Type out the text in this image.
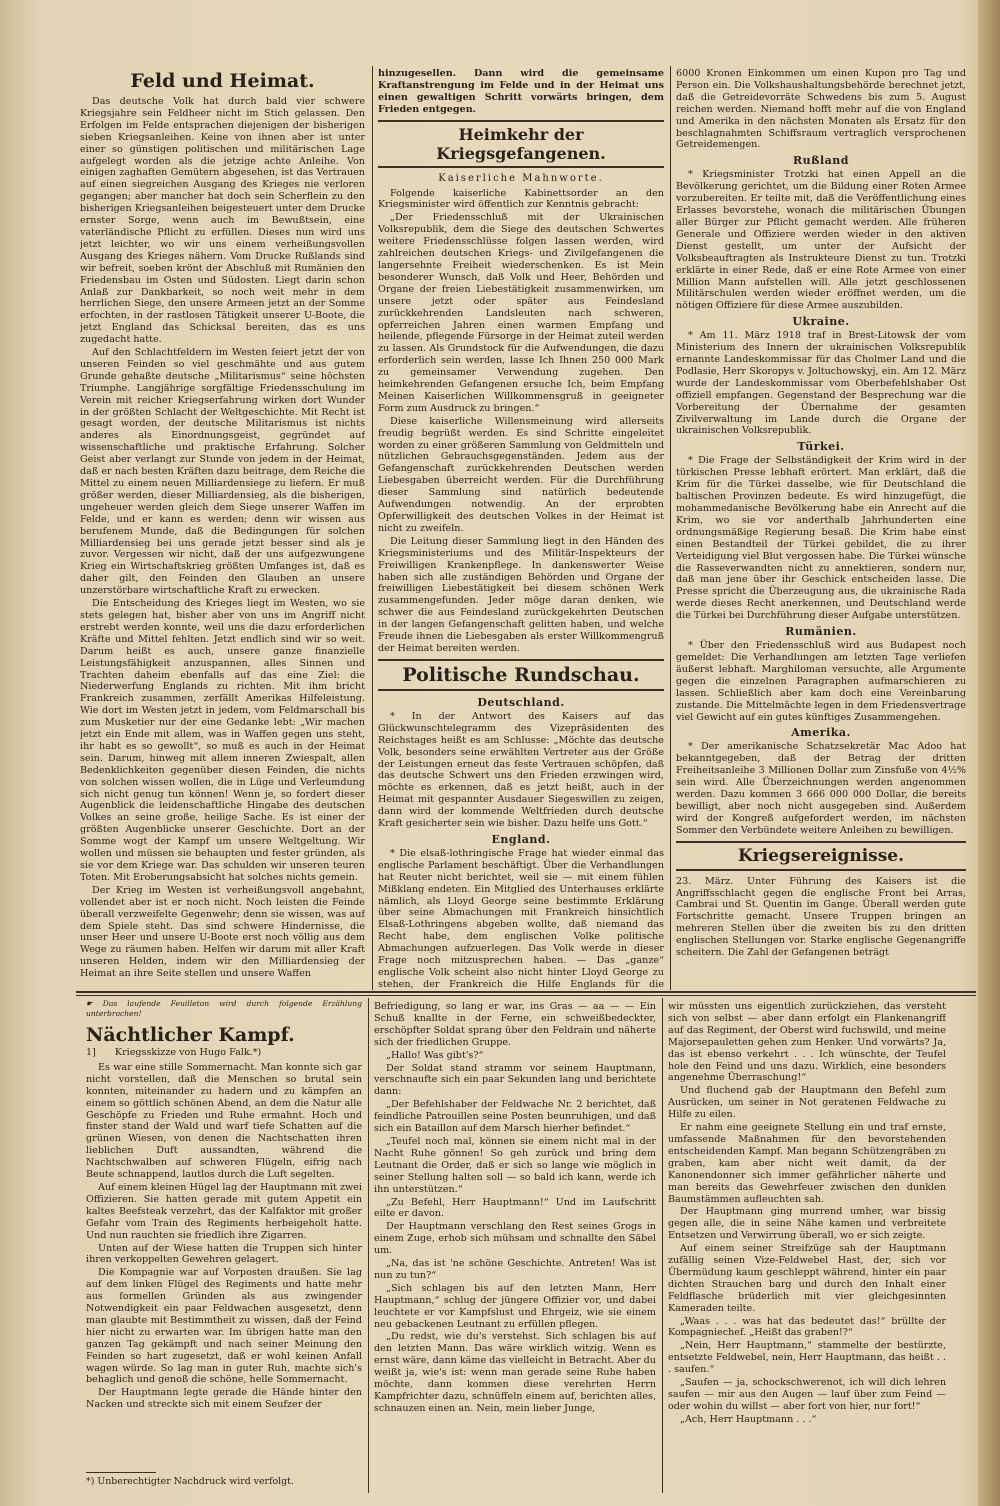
Feld und Heimat.

Das deutsche Volk hat durch bald vier schwere Kriegsjahre sein Feldheer nicht im Stich gelassen. Den Erfolgen im Felde entsprachen diejenigen der bisherigen sieben Kriegsanleihen. Keine von ihnen aber ist unter einer so günstigen politischen und militärischen Lage aufgelegt worden als die jetzige achte Anleihe. Von einigen zaghaften Gemütern abgesehen, ist das Vertrauen auf einen siegreichen Ausgang des Krieges nie verloren gegangen; aber mancher hat doch sein Scherflein zu den bisherigen Kriegsanleihen beigesteuert unter dem Drucke ernster Sorge, wenn auch im Bewußtsein, eine vaterländische Pflicht zu erfüllen. Dieses nun wird uns jetzt leichter, wo wir uns einem verheißungsvollen Ausgang des Krieges nähern. Vom Drucke Rußlands sind wir befreit, soeben krönt der Abschluß mit Rumänien den Friedensbau im Osten und Südosten. Liegt darin schon Anlaß zur Dankbarkeit, so noch weit mehr in dem herrlichen Siege, den unsere Armeen jetzt an der Somme erfochten, in der rastlosen Tätigkeit unserer U-Boote, die jetzt England das Schicksal bereiten, das es uns zugedacht hatte.

Auf den Schlachtfeldern im Westen feiert jetzt der von unseren Feinden so viel geschmähte und aus gutem Grunde gehaßte deutsche „Militarismus“ seine höchsten Triumphe. Langjährige sorgfältige Friedensschulung im Verein mit reicher Kriegserfahrung wirken dort Wunder in der größten Schlacht der Weltgeschichte. Mit Recht ist gesagt worden, der deutsche Militarismus ist nichts anderes als Einordnungsgeist, gegründet auf wissenschaftliche und praktische Erfahrung. Solcher Geist aber verlangt zur Stunde von jedem in der Heimat, daß er nach besten Kräften dazu beitrage, dem Reiche die Mittel zu einem neuen Milliardensiege zu liefern. Er muß größer werden, dieser Milliardensieg, als die bisherigen, ungeheuer werden gleich dem Siege unserer Waffen im Felde, und er kann es werden; denn wir wissen aus berufenem Munde, daß die Bedingungen für solchen Milliardensieg bei uns gerade jetzt besser sind als je zuvor. Vergessen wir nicht, daß der uns aufgezwungene Krieg ein Wirtschaftskrieg größten Umfanges ist, daß es daher gilt, den Feinden den Glauben an unsere unzerstörbare wirtschaftliche Kraft zu erwecken.

Die Entscheidung des Krieges liegt im Westen, wo sie stets gelegen hat, bisher aber von uns im Angriff nicht erstrebt werden konnte, weil uns die dazu erforderlichen Kräfte und Mittel fehlten. Jetzt endlich sind wir so weit. Darum heißt es auch, unsere ganze finanzielle Leistungsfähigkeit anzuspannen, alles Sinnen und Trachten daheim ebenfalls auf das eine Ziel: die Niederwerfung Englands zu richten. Mit ihm bricht Frankreich zusammen, zerfällt Amerikas Hilfeleistung. Wie dort im Westen jetzt in jedem, vom Feldmarschall bis zum Musketier nur der eine Gedanke lebt: „Wir machen jetzt ein Ende mit allem, was in Waffen gegen uns steht, ihr habt es so gewollt“, so muß es auch in der Heimat sein. Darum, hinweg mit allem inneren Zwiespalt, allen Bedenklichkeiten gegenüber diesen Feinden, die nichts von solchen wissen wollen, die in Lüge und Verleumdung sich nicht genug tun können! Wenn je, so fordert dieser Augenblick die leidenschaftliche Hingabe des deutschen Volkes an seine große, heilige Sache. Es ist einer der größten Augenblicke unserer Geschichte. Dort an der Somme wogt der Kampf um unsere Weltgeltung. Wir wollen und müssen sie behaupten und fester gründen, als sie vor dem Kriege war. Das schulden wir unseren teuren Toten. Mit Eroberungsabsicht hat solches nichts gemein.

Der Krieg im Westen ist verheißungsvoll angebahnt, vollendet aber ist er noch nicht. Noch leisten die Feinde überall verzweifelte Gegenwehr; denn sie wissen, was auf dem Spiele steht. Das sind schwere Hindernisse, die unser Heer und unsere U-Boote erst noch völlig aus dem Wege zu räumen haben. Helfen wir darum mit aller Kraft unseren Helden, indem wir den Milliardensieg der Heimat an ihre Seite stellen und unsere Waffen

hinzugesellen. Dann wird die gemeinsame Kraftanstrengung im Felde und in der Heimat uns einen gewaltigen Schritt vorwärts bringen, dem Frieden entgegen.

Heimkehr der Kriegsgefangenen.
Kaiserliche Mahnworte.

Folgende kaiserliche Kabinettsorder an den Kriegsminister wird öffentlich zur Kenntnis gebracht:

„Der Friedensschluß mit der Ukrainischen Volksrepublik, dem die Siege des deutschen Schwertes weitere Friedensschlüsse folgen lassen werden, wird zahlreichen deutschen Kriegs- und Zivilgefangenen die langersehnte Freiheit wiederschenken. Es ist Mein besonderer Wunsch, daß Volk und Heer, Behörden und Organe der freien Liebestätigkeit zusammenwirken, um unsere jetzt oder später aus Feindesland zurückkehrenden Landsleuten nach schweren, opferreichen Jahren einen warmen Empfang und heilende, pflegende Fürsorge in der Heimat zuteil werden zu lassen. Als Grundstock für die Aufwendungen, die dazu erforderlich sein werden, lasse Ich Ihnen 250 000 Mark zu gemeinsamer Verwendung zugehen. Den heimkehrenden Gefangenen ersuche Ich, beim Empfang Meinen Kaiserlichen Willkommensgruß in geeigneter Form zum Ausdruck zu bringen.“

Diese kaiserliche Willensmeinung wird allerseits freudig begrüßt werden. Es sind Schritte eingeleitet worden zu einer größeren Sammlung von Geldmitteln und nützlichen Gebrauchsgegenständen. Jedem aus der Gefangenschaft zurückkehrenden Deutschen werden Liebesgaben überreicht werden. Für die Durchführung dieser Sammlung sind natürlich bedeutende Aufwendungen notwendig. An der erprobten Opferwilligkeit des deutschen Volkes in der Heimat ist nicht zu zweifeln.

Die Leitung dieser Sammlung liegt in den Händen des Kriegsministeriums und des Militär-Inspekteurs der Freiwilligen Krankenpflege. In dankenswerter Weise haben sich alle zuständigen Behörden und Organe der freiwilligen Liebestätigkeit bei diesem schönen Werk zusammengefunden. Jeder möge daran denken, wie schwer die aus Feindesland zurückgekehrten Deutschen in der langen Gefangenschaft gelitten haben, und welche Freude ihnen die Liebesgaben als erster Willkommengruß der Heimat bereiten werden.

Politische Rundschau.
Deutschland.

* In der Antwort des Kaisers auf das Glückwunschtelegramm des Vizepräsidenten des Reichstages heißt es am Schlusse: „Möchte das deutsche Volk, besonders seine erwählten Vertreter aus der Größe der Leistungen erneut das feste Vertrauen schöpfen, daß das deutsche Schwert uns den Frieden erzwingen wird, möchte es erkennen, daß es jetzt heißt, auch in der Heimat mit gespannter Ausdauer Siegeswillen zu zeigen, dann wird der kommende Weltfrieden durch deutsche Kraft gesicherter sein wie bisher. Dazu helfe uns Gott.“

England.

* Die elsaß-lothringische Frage hat wieder einmal das englische Parlament beschäftigt. Über die Verhandlungen hat Reuter nicht berichtet, weil sie — mit einem fühlen Mißklang endeten. Ein Mitglied des Unterhauses erklärte nämlich, als Lloyd George seine bestimmte Erklärung über seine Abmachungen mit Frankreich hinsichtlich Elsaß-Lothringens abgeben wollte, daß niemand das Recht habe, dem englischen Volke politische Abmachungen aufzuerlegen. Das Volk werde in dieser Frage noch mitzusprechen haben. — Das „ganze“ englische Volk scheint also nicht hinter Lloyd George zu stehen, der Frankreich die Hilfe Englands für die

6000 Kronen Einkommen um einen Kupon pro Tag und Person ein. Die Volkshaushaltungsbehörde berechnet jetzt, daß die Getreidevorräte Schwedens bis zum 5. August reichen werden. Niemand hofft mehr auf die von England und Amerika in den nächsten Monaten als Ersatz für den beschlagnahmten Schiffsraum vertraglich versprochenen Getreidemengen.

Rußland

* Kriegsminister Trotzki hat einen Appell an die Bevölkerung gerichtet, um die Bildung einer Roten Armee vorzubereiten. Er teilte mit, daß die Veröffentlichung eines Erlasses bevorstehe, wonach die militärischen Übungen aller Bürger zur Pflicht gemacht werden. Alle früheren Generale und Offiziere werden wieder in den aktiven Dienst gestellt, um unter der Aufsicht der Volksbeauftragten als Instrukteure Dienst zu tun. Trotzki erklärte in einer Rede, daß er eine Rote Armee von einer Million Mann aufstellen will. Alle jetzt geschlossenen Militärschulen werden wieder eröffnet werden, um die nötigen Offiziere für diese Armee auszubilden.

Ukraine.

* Am 11. März 1918 traf in Brest-Litowsk der vom Ministerium des Innern der ukrainischen Volksrepublik ernannte Landeskommissar für das Cholmer Land und die Podlasie, Herr Skoropys v. Joltuchowskyj, ein. Am 12. März wurde der Landeskommissar vom Oberbefehlshaber Ost offiziell empfangen. Gegenstand der Besprechung war die Vorbereitung der Übernahme der gesamten Zivilverwaltung im Lande durch die Organe der ukrainischen Volksrepublik.

Türkei.

* Die Frage der Selbständigkeit der Krim wird in der türkischen Presse lebhaft erörtert. Man erklärt, daß die Krim für die Türkei dasselbe, wie für Deutschland die baltischen Provinzen bedeute. Es wird hinzugefügt, die mohammedanische Bevölkerung habe ein Anrecht auf die Krim, wo sie vor anderthalb Jahrhunderten eine ordnungsmäßige Regierung besaß. Die Krim habe einst einen Bestandteil der Türkei gebildet, die zu ihrer Verteidigung viel Blut vergossen habe. Die Türkei wünsche die Rasseverwandten nicht zu annektieren, sondern nur, daß man jene über ihr Geschick entscheiden lasse. Die Presse spricht die Überzeugung aus, die ukrainische Rada werde dieses Recht anerkennen, und Deutschland werde die Türkei bei Durchführung dieser Aufgabe unterstützen.

Rumänien.

* Über den Friedensschluß wird aus Budapest noch gemeldet: Die Verhandlungen am letzten Tage verliefen äußerst lebhaft. Marghiloman versuchte, alle Argumente gegen die einzelnen Paragraphen aufmarschieren zu lassen. Schließlich aber kam doch eine Vereinbarung zustande. Die Mittelmächte legen in dem Friedensvertrage viel Gewicht auf ein gutes künftiges Zusammengehen.

Amerika.

* Der amerikanische Schatzsekretär Mac Adoo hat bekanntgegeben, daß der Betrag der dritten Freiheitsanleihe 3 Millionen Dollar zum Zinsfuße von 4½% sein wird. Alle Überzeichnungen werden angenommen werden. Dazu kommen 3 666 000 000 Dollar, die bereits bewilligt, aber noch nicht ausgegeben sind. Außerdem wird der Kongreß aufgefordert werden, im nächsten Sommer den Verbündete weitere Anleihen zu bewilligen.

Kriegsereignisse.

23. März. Unter Führung des Kaisers ist die Angriffsschlacht gegen die englische Front bei Arras, Cambrai und St. Quentin im Gange. Überall werden gute Fortschritte gemacht. Unsere Truppen bringen an mehreren Stellen über die zweiten bis zu den dritten englischen Stellungen vor. Starke englische Gegenangriffe scheitern. Die Zahl der Gefangenen beträgt

☛ Das laufende Feuilleton wird durch folgende Erzählung unterbrochen!
Nächtlicher Kampf.
1] Kriegsskizze von Hugo Falk.*)

Es war eine stille Sommernacht. Man konnte sich gar nicht vorstellen, daß die Menschen so brutal sein konnten, miteinander zu hadern und zu kämpfen an einem so göttlich schönen Abend, an dem die Natur alle Geschöpfe zu Frieden und Ruhe ermahnt. Hoch und finster stand der Wald und warf tiefe Schatten auf die grünen Wiesen, von denen die Nachtschatten ihren lieblichen Duft aussandten, während die Nachtschwalben auf schweren Flügeln, eifrig nach Beute schnappend, lautlos durch die Luft segelten.

Auf einem kleinen Hügel lag der Hauptmann mit zwei Offizieren. Sie hatten gerade mit gutem Appetit ein kaltes Beefsteak verzehrt, das der Kalfaktor mit großer Gefahr vom Train des Regiments herbeigeholt hatte. Und nun rauchten sie friedlich ihre Zigarren.

Unten auf der Wiese hatten die Truppen sich hinter ihren verkoppelten Gewehren gelagert.

Die Kompagnie war auf Vorposten draußen. Sie lag auf dem linken Flügel des Regiments und hatte mehr aus formellen Gründen als aus zwingender Notwendigkeit ein paar Feldwachen ausgesetzt, denn man glaubte mit Bestimmtheit zu wissen, daß der Feind hier nicht zu erwarten war. Im übrigen hatte man den ganzen Tag gekämpft und nach seiner Meinung den Feinden so hart zugesetzt, daß er wohl keinen Anfall wagen würde. So lag man in guter Ruh, machte sich's behaglich und genoß die schöne, helle Sommernacht.

Der Hauptmann legte gerade die Hände hinter den Nacken und streckte sich mit einem Seufzer der

*) Unberechtigter Nachdruck wird verfolgt.

Befriedigung, so lang er war, ins Gras — aa — — Ein Schuß knallte in der Ferne, ein schweißbedeckter, erschöpfter Soldat sprang über den Feldrain und näherte sich der friedlichen Gruppe.

„Hallo! Was gibt's?“

Der Soldat stand stramm vor seinem Hauptmann, verschnaufte sich ein paar Sekunden lang und berichtete dann:

„Der Befehlshaber der Feldwache Nr. 2 berichtet, daß feindliche Patrouillen seine Posten beunruhigen, und daß sich ein Bataillon auf dem Marsch hierher befindet.“

„Teufel noch mal, können sie einem nicht mal in der Nacht Ruhe gönnen! So geh zurück und bring dem Leutnant die Order, daß er sich so lange wie möglich in seiner Stellung halten soll — so bald ich kann, werde ich ihn unterstützen.“

„Zu Befehl, Herr Hauptmann!“ Und im Laufschritt eilte er davon.

Der Hauptmann verschlang den Rest seines Grogs in einem Zuge, erhob sich mühsam und schnallte den Säbel um.

„Na, das ist 'ne schöne Geschichte. Antreten! Was ist nun zu tun?“

„Sich schlagen bis auf den letzten Mann, Herr Hauptmann,“ schlug der jüngere Offizier vor, und dabei leuchtete er vor Kampfslust und Ehrgeiz, wie sie einem neu gebackenen Leutnant zu erfüllen pflegen.

„Du redst, wie du's verstehst. Sich schlagen bis auf den letzten Mann. Das wäre wirklich witzig. Wenn es ernst wäre, dann käme das vielleicht in Betracht. Aber du weißt ja, wie's ist: wenn man gerade seine Ruhe haben möchte, dann kommen diese verehrten Herrn Kampfrichter dazu, schnüffeln einem auf, berichten alles, schnauzen einen an. Nein, mein lieber Junge,

wir müssten uns eigentlich zurückziehen, das versteht sich von selbst — aber dann erfolgt ein Flankenangriff auf das Regiment, der Oberst wird fuchswild, und meine Majorsepauletten gehen zum Henker. Und vorwärts? Ja, das ist ebenso verkehrt . . . Ich wünschte, der Teufel hole den Feind und uns dazu. Wirklich, eine besonders angenehme Überraschung!“

Und fluchend gab der Hauptmann den Befehl zum Ausrücken, um seiner in Not geratenen Feldwache zu Hilfe zu eilen.

Er nahm eine geeignete Stellung ein und traf ernste, umfassende Maßnahmen für den bevorstehenden entscheidenden Kampf. Man begann Schützengräben zu graben, kam aber nicht weit damit, da der Kanonendonner sich immer gefährlicher näherte und man bereits das Gewehrfeuer zwischen den dunklen Baumstämmen aufleuchten sah.

Der Hauptmann ging murrend umher, war bissig gegen alle, die in seine Nähe kamen und verbreitete Entsetzen und Verwirrung überall, wo er sich zeigte.

Auf einem seiner Streifzüge sah der Hauptmann zufällig seinen Vize-Feldwebel Hast, der, sich vor Übermüdung kaum geschleppt während, hinter ein paar dichten Strauchen barg und durch den Inhalt einer Feldflasche brüderlich mit vier gleichgesinnten Kameraden teilte.

„Waas . . . was hat das bedeutet das!“ brüllte der Kompagniechef. „Heißt das graben!?“

„Nein, Herr Hauptmann,“ stammelte der bestürzte, entsetzte Feldwebel, nein, Herr Hauptmann, das heißt . . . saufen.“

„Saufen — ja, schockschwerenot, ich will dich lehren saufen — mir aus den Augen — lauf über zum Feind — oder wohin du willst — aber fort von hier, nur fort!“

„Ach, Herr Hauptmann . . .“
